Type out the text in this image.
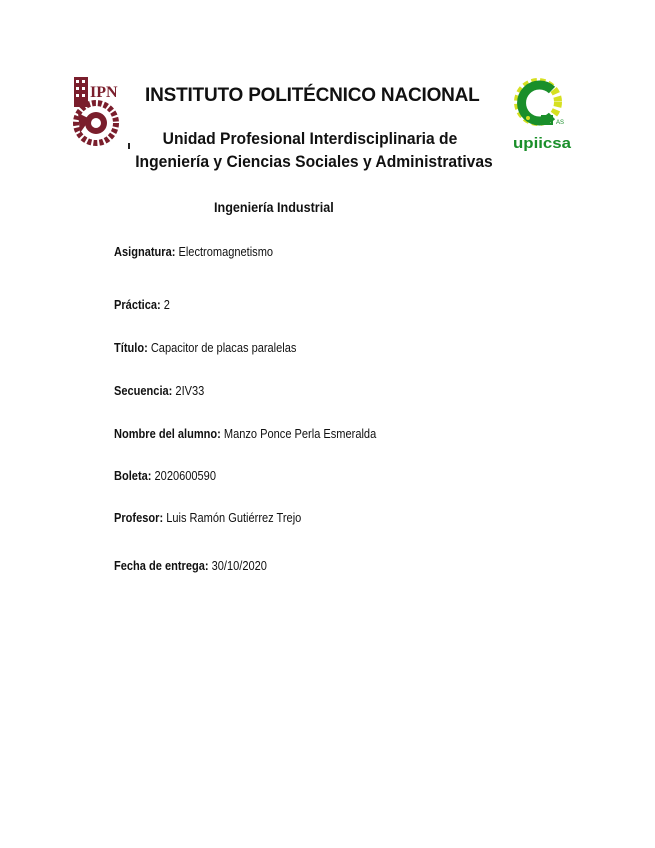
IPN
AS
upiicsa
INSTITUTO POLITÉCNICO NACIONAL
Unidad Profesional Interdisciplinaria de
Ingeniería y Ciencias Sociales y Administrativas
Ingeniería Industrial
Asignatura: Electromagnetismo
Práctica: 2
Título: Capacitor de placas paralelas
Secuencia: 2IV33
Nombre del alumno: Manzo Ponce Perla Esmeralda
Boleta: 2020600590
Profesor: Luis Ramón Gutiérrez Trejo
Fecha de entrega: 30/10/2020
